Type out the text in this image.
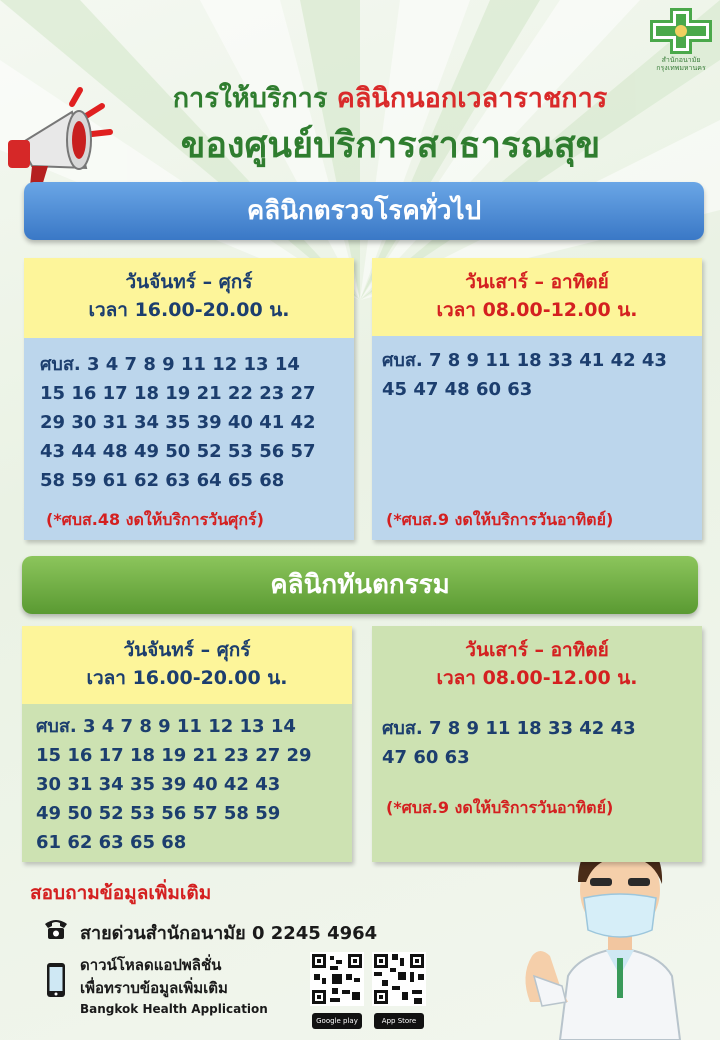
สำนักอนามัย กรุงเทพมหานคร
การให้บริการ คลินิกนอกเวลาราชการ
ของศูนย์บริการสาธารณสุข
คลินิกตรวจโรคทั่วไป
วันจันทร์ – ศุกร์
เวลา 16.00-20.00 น.
ศบส. 3 4 7 8 9 11 12 13 14
15 16 17 18 19 21 22 23 27
29 30 31 34 35 39 40 41 42
43 44 48 49 50 52 53 56 57
58 59 61 62 63 64 65 68
(*ศบส.48 งดให้บริการวันศุกร์)
วันเสาร์ – อาทิตย์
เวลา 08.00-12.00 น.
ศบส. 7 8 9 11 18 33 41 42 43
45 47 48 60 63
(*ศบส.9 งดให้บริการวันอาทิตย์)
คลินิกทันตกรรม
วันจันทร์ – ศุกร์
เวลา 16.00-20.00 น.
ศบส. 3 4 7 8 9 11 12 13 14
15 16 17 18 19 21 23 27 29
30 31 34 35 39 40 42 43
49 50 52 53 56 57 58 59
61 62 63 65 68
วันเสาร์ – อาทิตย์
เวลา 08.00-12.00 น.
ศบส. 7 8 9 11 18 33 42 43
47 60 63
(*ศบส.9 งดให้บริการวันอาทิตย์)
สอบถามข้อมูลเพิ่มเติม
สายด่วนสำนักอนามัย 0 2245 4964
ดาวน์โหลดแอปพลิชั่น
เพื่อทราบข้อมูลเพิ่มเติม
Bangkok Health Application
Google play	App Store
